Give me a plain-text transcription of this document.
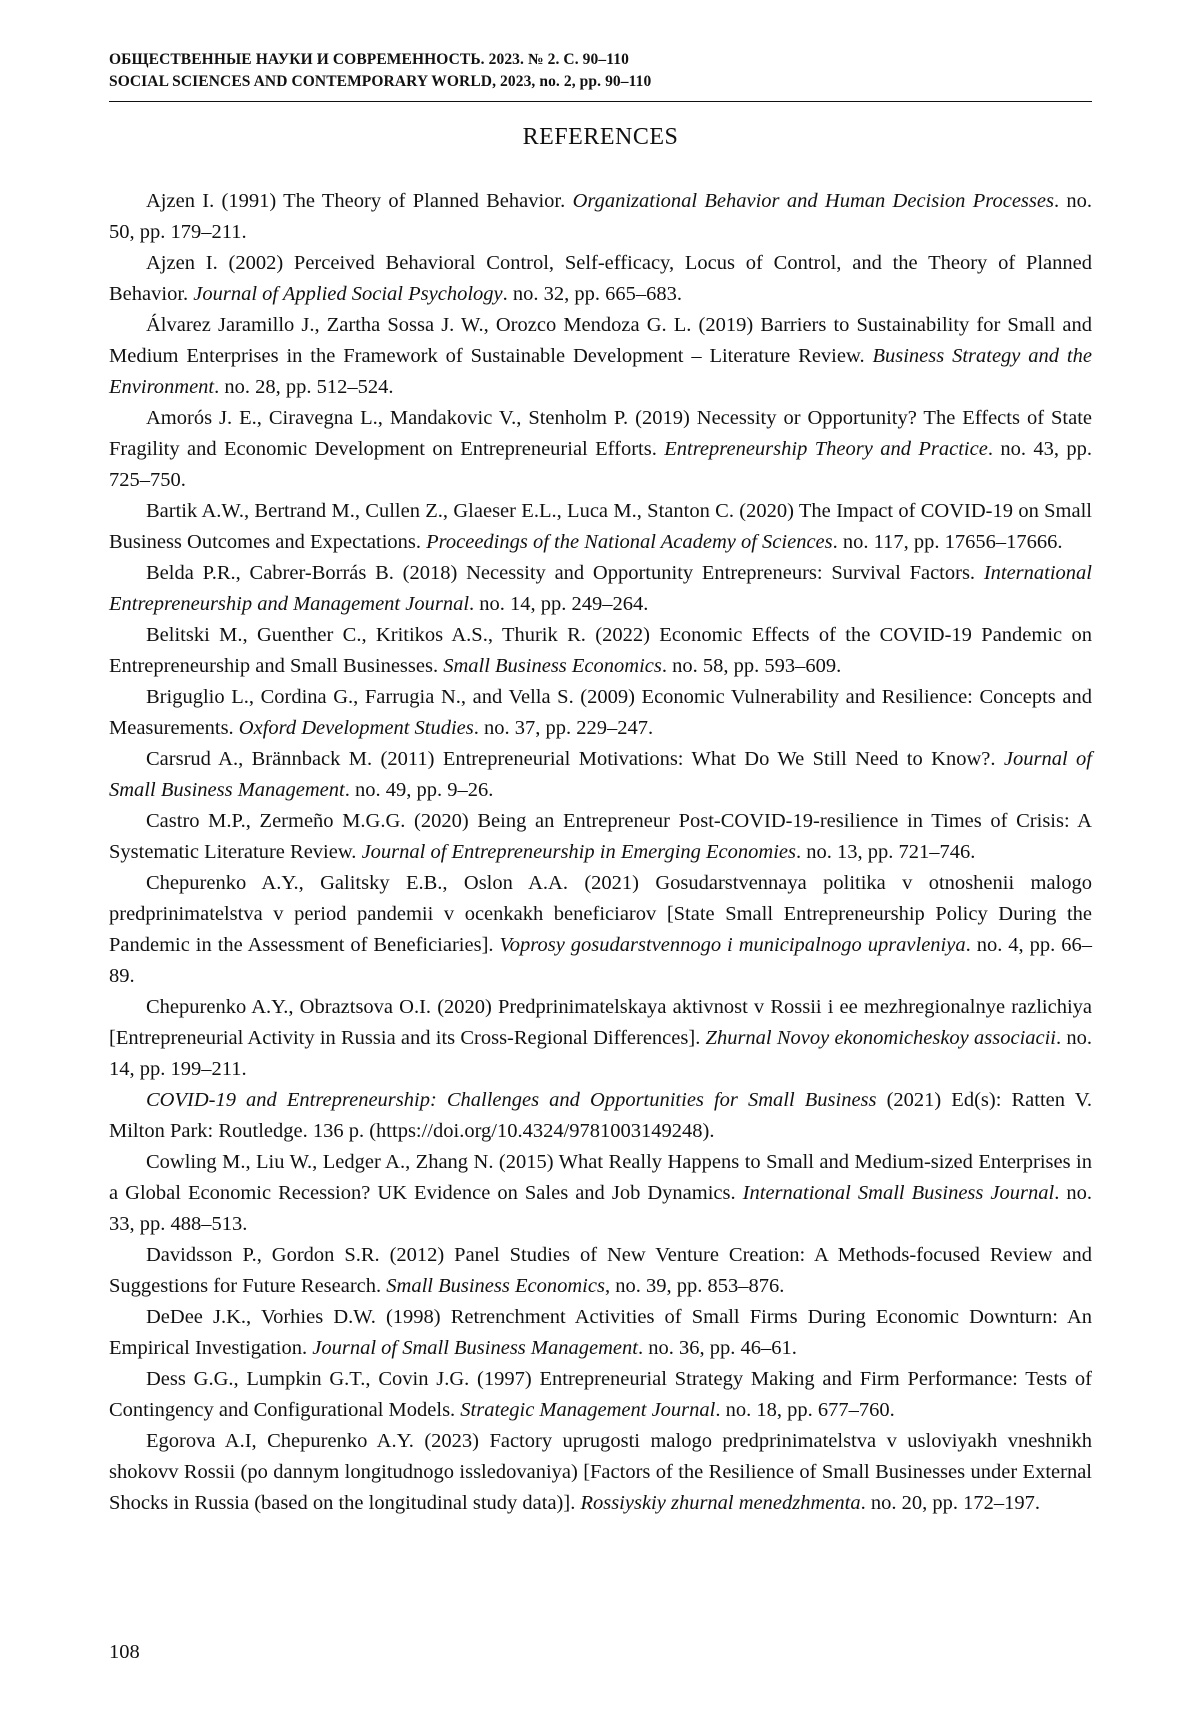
ОБЩЕСТВЕННЫЕ НАУКИ И СОВРЕМЕННОСТЬ. 2023. № 2. С. 90–110
SOCIAL SCIENCES AND CONTEMPORARY WORLD, 2023, no. 2, pp. 90–110
REFERENCES
Ajzen I. (1991) The Theory of Planned Behavior. Organizational Behavior and Human Decision Processes. no. 50, pp. 179–211.
Ajzen I. (2002) Perceived Behavioral Control, Self-efficacy, Locus of Control, and the Theory of Planned Behavior. Journal of Applied Social Psychology. no. 32, pp. 665–683.
Álvarez Jaramillo J., Zartha Sossa J. W., Orozco Mendoza G. L. (2019) Barriers to Sustainability for Small and Medium Enterprises in the Framework of Sustainable Development – Literature Review. Business Strategy and the Environment. no. 28, pp. 512–524.
Amorós J. E., Ciravegna L., Mandakovic V., Stenholm P. (2019) Necessity or Opportunity? The Effects of State Fragility and Economic Development on Entrepreneurial Efforts. Entrepreneurship Theory and Practice. no. 43, pp. 725–750.
Bartik A.W., Bertrand M., Cullen Z., Glaeser E.L., Luca M., Stanton C. (2020) The Impact of COVID-19 on Small Business Outcomes and Expectations. Proceedings of the National Academy of Sciences. no. 117, pp. 17656–17666.
Belda P.R., Cabrer-Borrás B. (2018) Necessity and Opportunity Entrepreneurs: Survival Factors. International Entrepreneurship and Management Journal. no. 14, pp. 249–264.
Belitski M., Guenther C., Kritikos A.S., Thurik R. (2022) Economic Effects of the COVID-19 Pandemic on Entrepreneurship and Small Businesses. Small Business Economics. no. 58, pp. 593–609.
Briguglio L., Cordina G., Farrugia N., and Vella S. (2009) Economic Vulnerability and Resilience: Concepts and Measurements. Oxford Development Studies. no. 37, pp. 229–247.
Carsrud A., Brännback M. (2011) Entrepreneurial Motivations: What Do We Still Need to Know?. Journal of Small Business Management. no. 49, pp. 9–26.
Castro M.P., Zermeño M.G.G. (2020) Being an Entrepreneur Post-COVID-19-resilience in Times of Crisis: A Systematic Literature Review. Journal of Entrepreneurship in Emerging Economies. no. 13, pp. 721–746.
Chepurenko A.Y., Galitsky E.B., Oslon A.A. (2021) Gosudarstvennaya politika v otnoshenii malogo predprinimatelstva v period pandemii v ocenkakh beneficiarov [State Small Entrepreneurship Policy During the Pandemic in the Assessment of Beneficiaries]. Voprosy gosudarstvennogo i municipalnogo upravleniya. no. 4, pp. 66–89.
Chepurenko A.Y., Obraztsova O.I. (2020) Predprinimatelskaya aktivnost v Rossii i ee mezhregionalnye razlichiya [Entrepreneurial Activity in Russia and its Cross-Regional Differences]. Zhurnal Novoy ekonomicheskoy associacii. no. 14, pp. 199–211.
COVID-19 and Entrepreneurship: Challenges and Opportunities for Small Business (2021) Ed(s): Ratten V. Milton Park: Routledge. 136 p. (https://doi.org/10.4324/9781003149248).
Cowling M., Liu W., Ledger A., Zhang N. (2015) What Really Happens to Small and Medium-sized Enterprises in a Global Economic Recession? UK Evidence on Sales and Job Dynamics. International Small Business Journal. no. 33, pp. 488–513.
Davidsson P., Gordon S.R. (2012) Panel Studies of New Venture Creation: A Methods-focused Review and Suggestions for Future Research. Small Business Economics, no. 39, pp. 853–876.
DeDee J.K., Vorhies D.W. (1998) Retrenchment Activities of Small Firms During Economic Downturn: An Empirical Investigation. Journal of Small Business Management. no. 36, pp. 46–61.
Dess G.G., Lumpkin G.T., Covin J.G. (1997) Entrepreneurial Strategy Making and Firm Performance: Tests of Contingency and Configurational Models. Strategic Management Journal. no. 18, pp. 677–760.
Egorova A.I, Chepurenko A.Y. (2023) Factory uprugosti malogo predprinimatelstva v usloviyakh vneshnikh shokovv Rossii (po dannym longitudnogo issledovaniya) [Factors of the Resilience of Small Businesses under External Shocks in Russia (based on the longitudinal study data)]. Rossiyskiy zhurnal menedzhmenta. no. 20, pp. 172–197.
108
